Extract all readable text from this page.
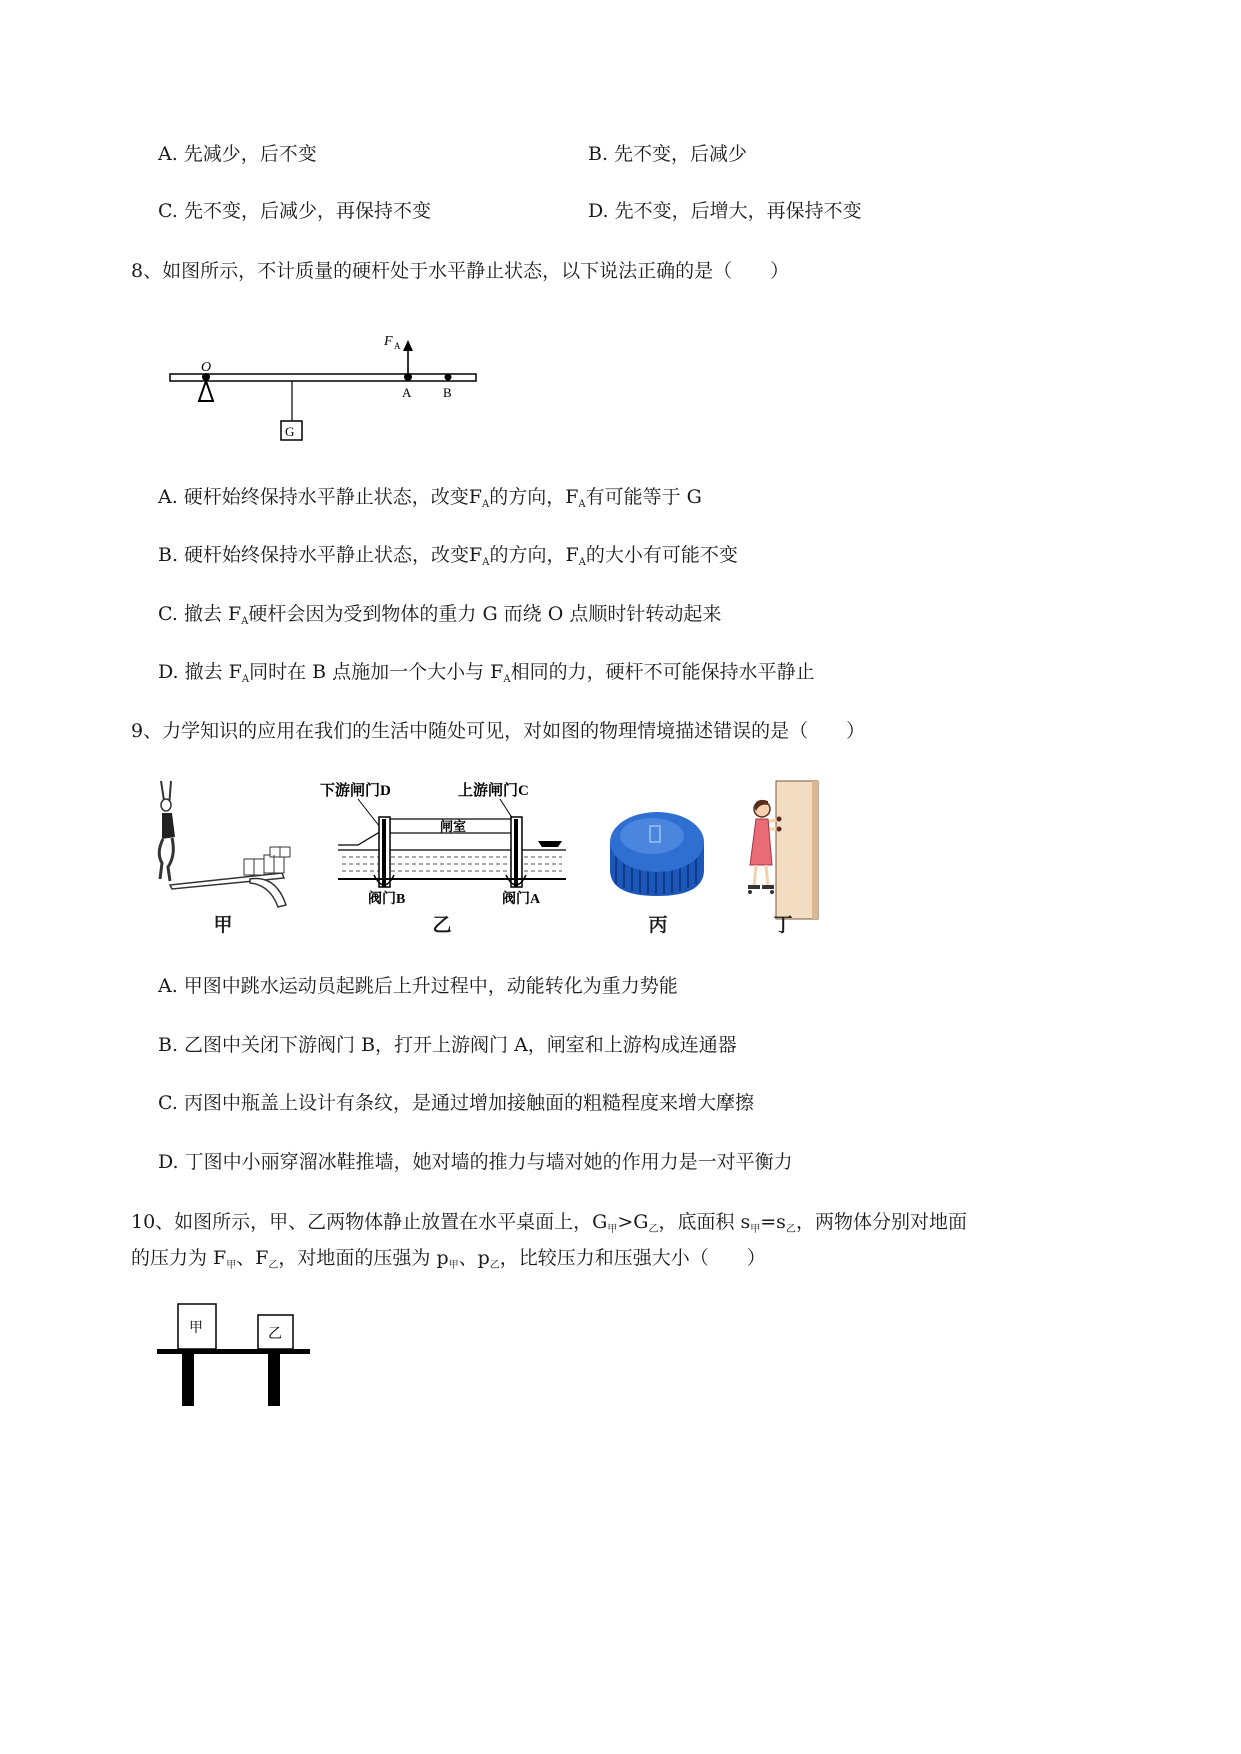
A. 先减少，后不变	B. 先不变，后减少
C. 先不变，后减少，再保持不变	D. 先不变，后增大，再保持不变
8、如图所示，不计质量的硬杆处于水平静止状态，以下说法正确的是（　　）
O
G
F A
A B
A. 硬杆始终保持水平静止状态，改变$F_A$的方向，$F_A$有可能等于 G
B. 硬杆始终保持水平静止状态，改变$F_A$的方向，$F_A$的大小有可能不变
C. 撤去 $F_A$硬杆会因为受到物体的重力 G 而绕 O 点顺时针转动起来
D. 撤去 $F_A$同时在 B 点施加一个大小与 $F_A$相同的力，硬杆不可能保持水平静止
9、力学知识的应用在我们的生活中随处可见，对如图的物理情境描述错误的是（　　）
甲
下游闸门D	上游闸门C
闸室
阀门B	阀门A
乙	丙	丁
A. 甲图中跳水运动员起跳后上升过程中，动能转化为重力势能
B. 乙图中关闭下游阀门 B，打开上游阀门 A，闸室和上游构成连通器
C. 丙图中瓶盖上设计有条纹，是通过增加接触面的粗糙程度来增大摩擦
D. 丁图中小丽穿溜冰鞋推墙，她对墙的推力与墙对她的作用力是一对平衡力
10、如图所示，甲、乙两物体静止放置在水平桌面上，$G_甲>G_乙$，底面积 $s_甲=s_乙$，两物体分别对地面
的压力为 $F_甲$、$F_乙$，对地面的压强为 $p_甲$、$p_乙$，比较压力和压强大小（　　）
甲	乙
